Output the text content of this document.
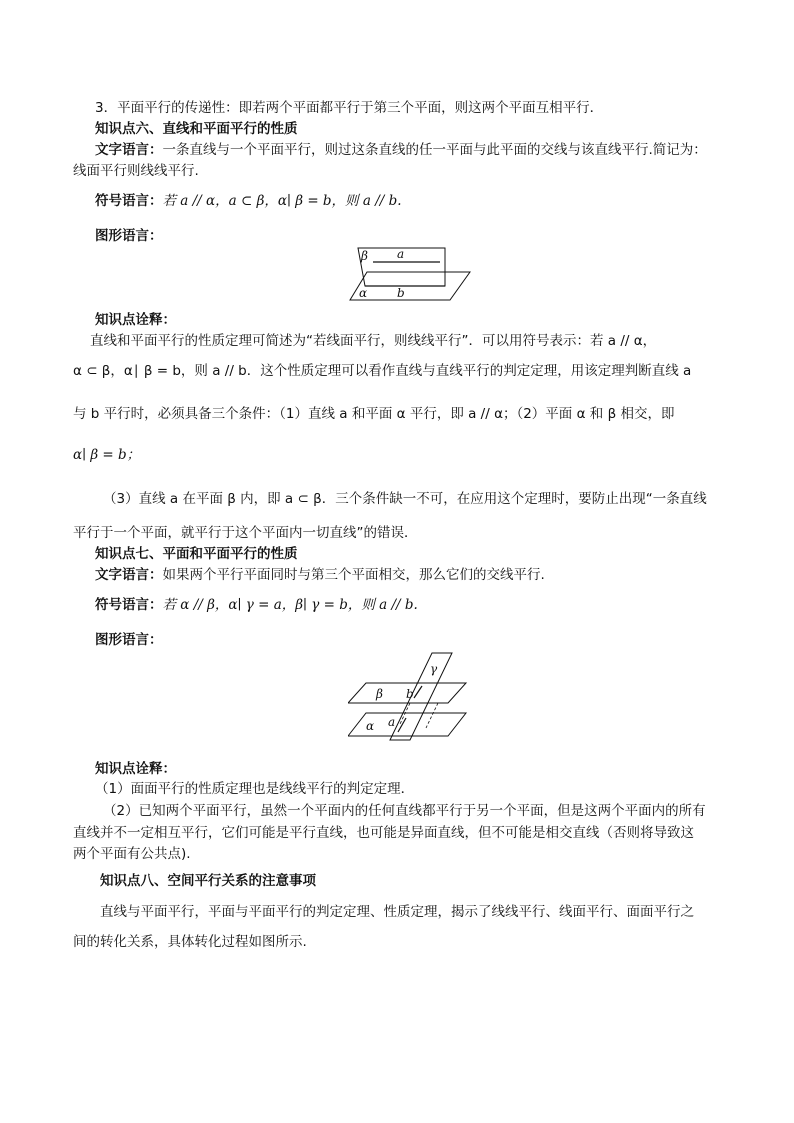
3．平面平行的传递性：即若两个平面都平行于第三个平面，则这两个平面互相平行．
知识点六、直线和平面平行的性质
文字语言：一条直线与一个平面平行，则过这条直线的任一平面与此平面的交线与该直线平行.简记为：
线面平行则线线平行.
符号语言：若 a // α，a ⊂ β，α∣ β = b，则 a // b.
图形语言：
β a
α b
知识点诠释：
直线和平面平行的性质定理可简述为“若线面平行，则线线平行”．可以用符号表示：若 a // α，
α ⊂ β，α∣ β = b，则 a // b．这个性质定理可以看作直线与直线平行的判定定理，用该定理判断直线 a
与 b 平行时，必须具备三个条件：（1）直线 a 和平面 α 平行，即 a // α；（2）平面 α 和 β 相交，即
α∣ β = b；
（3）直线 a 在平面 β 内，即 a ⊂ β．三个条件缺一不可，在应用这个定理时，要防止出现“一条直线
平行于一个平面，就平行于这个平面内一切直线”的错误．
知识点七、平面和平面平行的性质
文字语言：如果两个平行平面同时与第三个平面相交，那么它们的交线平行.
符号语言：若 α // β，α∣ γ = a，β∣ γ = b，则 a // b.
图形语言：
γ
β b
α a
知识点诠释：
（1）面面平行的性质定理也是线线平行的判定定理．
（2）已知两个平面平行，虽然一个平面内的任何直线都平行于另一个平面，但是这两个平面内的所有
直线并不一定相互平行，它们可能是平行直线，也可能是异面直线，但不可能是相交直线（否则将导致这
两个平面有公共点).
知识点八、空间平行关系的注意事项
直线与平面平行，平面与平面平行的判定定理、性质定理，揭示了线线平行、线面平行、面面平行之
间的转化关系，具体转化过程如图所示.
